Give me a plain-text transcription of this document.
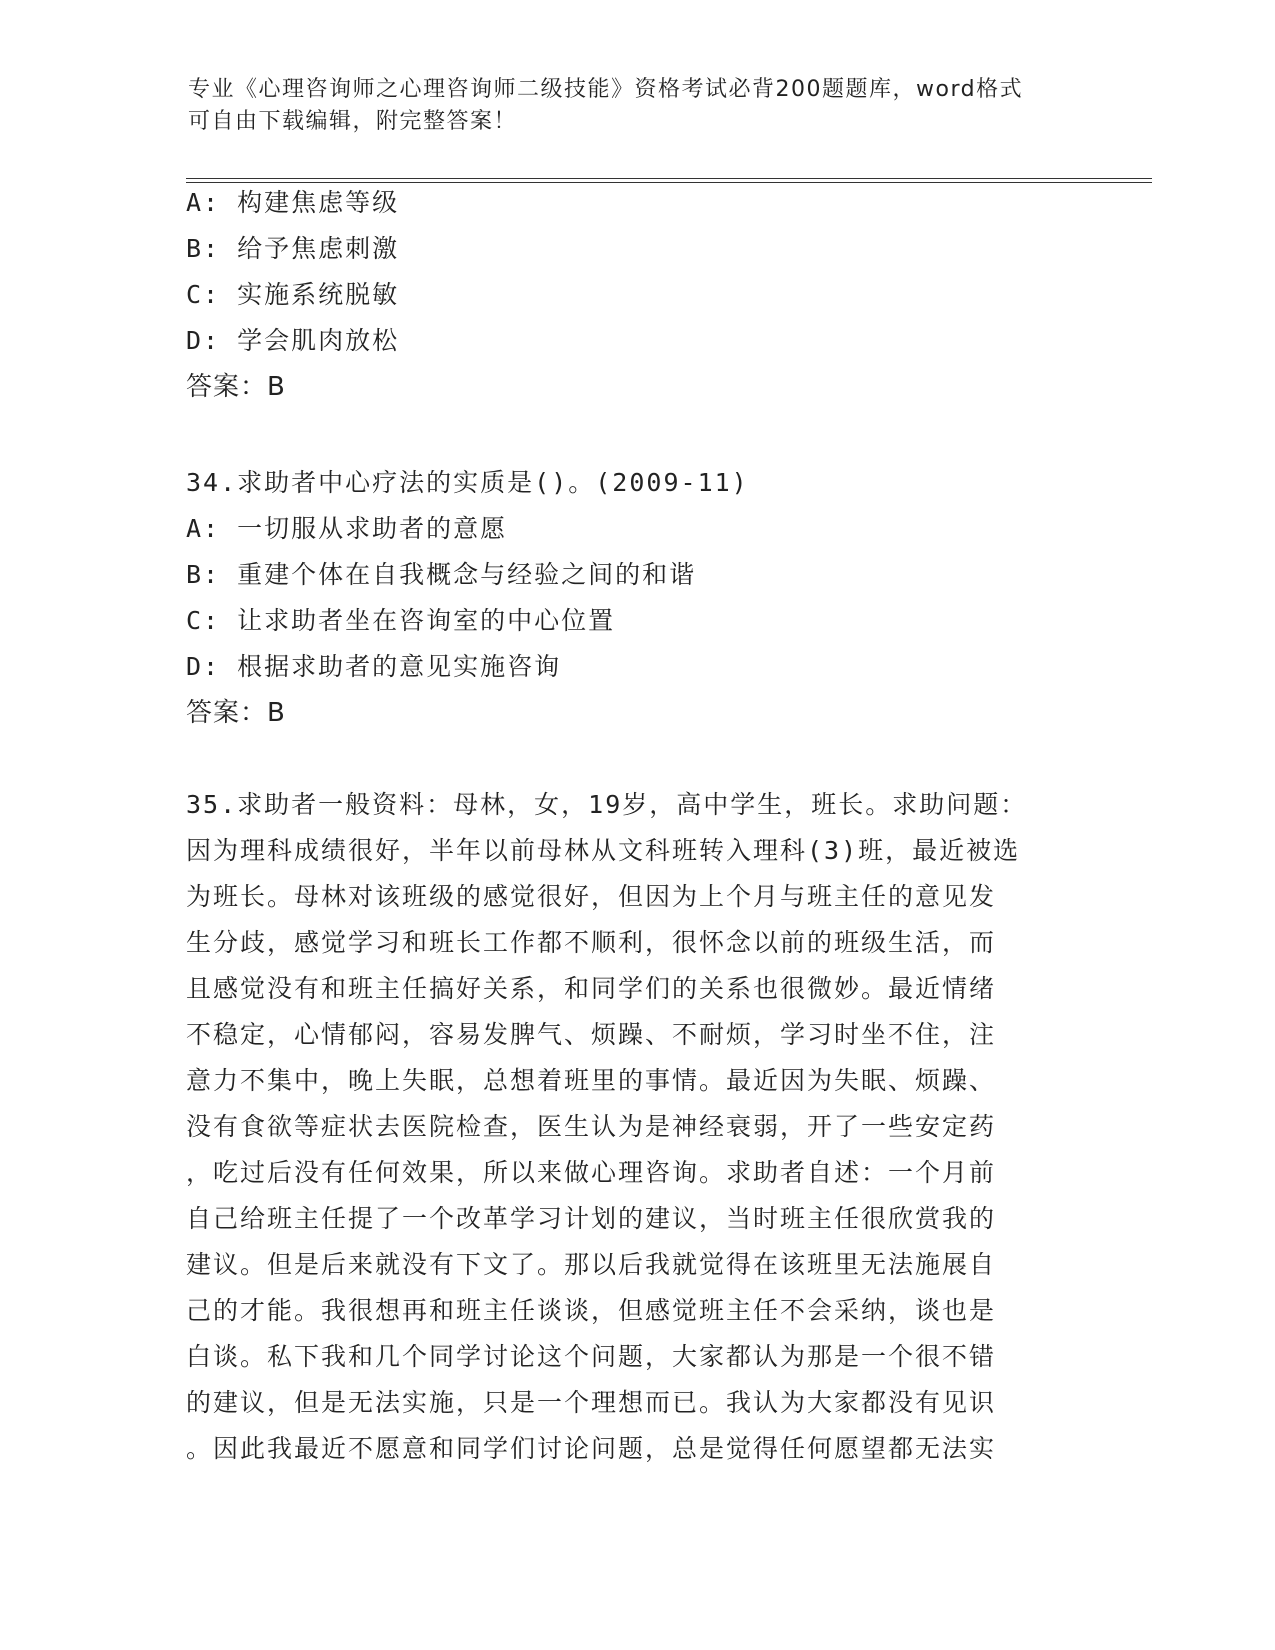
专业《心理咨询师之心理咨询师二级技能》资格考试必背200题题库，word格式
可自由下载编辑，附完整答案！
A: 构建焦虑等级
B: 给予焦虑刺激
C: 实施系统脱敏
D: 学会肌肉放松
答案：B
34.求助者中心疗法的实质是()。(2009-11)
A: 一切服从求助者的意愿
B: 重建个体在自我概念与经验之间的和谐
C: 让求助者坐在咨询室的中心位置
D: 根据求助者的意见实施咨询
答案：B
35.求助者一般资料：母林，女，19岁，高中学生，班长。求助问题：
因为理科成绩很好，半年以前母林从文科班转入理科(3)班，最近被选
为班长。母林对该班级的感觉很好，但因为上个月与班主任的意见发
生分歧，感觉学习和班长工作都不顺利，很怀念以前的班级生活，而
且感觉没有和班主任搞好关系，和同学们的关系也很微妙。最近情绪
不稳定，心情郁闷，容易发脾气、烦躁、不耐烦，学习时坐不住，注
意力不集中，晚上失眠，总想着班里的事情。最近因为失眠、烦躁、
没有食欲等症状去医院检查，医生认为是神经衰弱，开了一些安定药
，吃过后没有任何效果，所以来做心理咨询。求助者自述：一个月前
自己给班主任提了一个改革学习计划的建议，当时班主任很欣赏我的
建议。但是后来就没有下文了。那以后我就觉得在该班里无法施展自
己的才能。我很想再和班主任谈谈，但感觉班主任不会采纳，谈也是
白谈。私下我和几个同学讨论这个问题，大家都认为那是一个很不错
的建议，但是无法实施，只是一个理想而已。我认为大家都没有见识
。因此我最近不愿意和同学们讨论问题，总是觉得任何愿望都无法实
